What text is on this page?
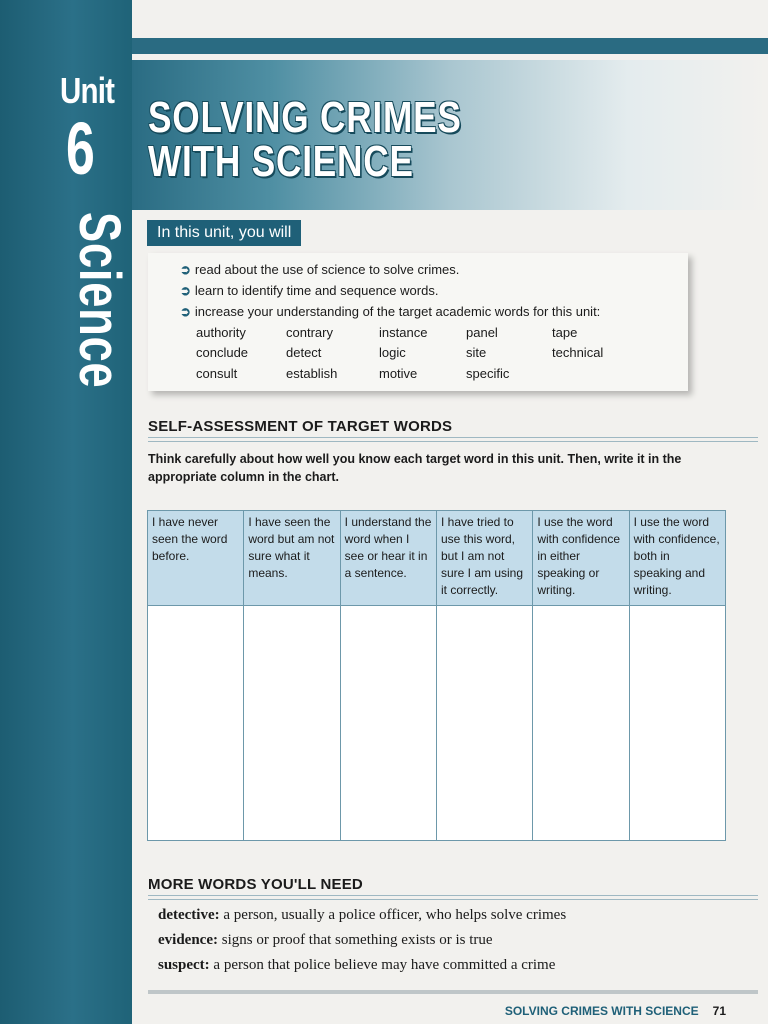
Unit
6
Science
SOLVING CRIMES
WITH SCIENCE
In this unit, you will
➲ read about the use of science to solve crimes.
➲ learn to identify time and sequence words.
➲ increase your understanding of the target academic words for this unit:
authority	contrary	instance	panel	tape
conclude	detect	logic	site	technical
consult	establish	motive	specific
SELF-ASSESSMENT OF TARGET WORDS
Think carefully about how well you know each target word in this unit. Then, write it in the appropriate column in the chart.
I have never seen the word before.	I have seen the word but am not sure what it means.	I understand the word when I see or hear it in a sentence.	I have tried to use this word, but I am not sure I am using it correctly.	I use the word with confidence in either speaking or writing.	I use the word with confidence, both in speaking and writing.

MORE WORDS YOU'LL NEED
detective: a person, usually a police officer, who helps solve crimes
evidence: signs or proof that something exists or is true
suspect: a person that police believe may have committed a crime
SOLVING CRIMES WITH SCIENCE 71
